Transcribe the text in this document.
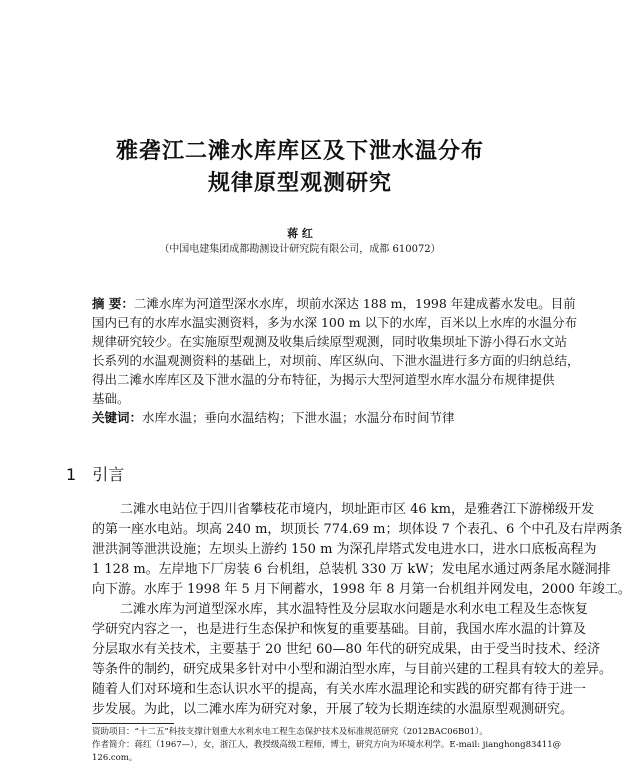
雅砻江二滩水库库区及下泄水温分布
规律原型观测研究
蒋 红
（中国电建集团成都勘测设计研究院有限公司，成都 610072）
摘 要：二滩水库为河道型深水水库，坝前水深达 188 m，1998 年建成蓄水发电。目前
国内已有的水库水温实测资料，多为水深 100 m 以下的水库，百米以上水库的水温分布
规律研究较少。在实施原型观测及收集后续原型观测，同时收集坝址下游小得石水文站
长系列的水温观测资料的基础上，对坝前、库区纵向、下泄水温进行多方面的归纳总结，
得出二滩水库库区及下泄水温的分布特征，为揭示大型河道型水库水温分布规律提供
基础。
关键词：水库水温；垂向水温结构；下泄水温；水温分布时间节律
1 引言
二滩水电站位于四川省攀枝花市境内，坝址距市区 46 km，是雅砻江下游梯级开发
的第一座水电站。坝高 240 m，坝顶长 774.69 m；坝体设 7 个表孔、6 个中孔及右岸两条
泄洪洞等泄洪设施；左坝头上游约 150 m 为深孔岸塔式发电进水口，进水口底板高程为
1 128 m。左岸地下厂房装 6 台机组，总装机 330 万 kW；发电尾水通过两条尾水隧洞排
向下游。水库于 1998 年 5 月下闸蓄水，1998 年 8 月第一台机组并网发电，2000 年竣工。
二滩水库为河道型深水库，其水温特性及分层取水问题是水利水电工程及生态恢复
学研究内容之一，也是进行生态保护和恢复的重要基础。目前，我国水库水温的计算及
分层取水有关技术，主要基于 20 世纪 60—80 年代的研究成果，由于受当时技术、经济
等条件的制约，研究成果多针对中小型和湖泊型水库，与目前兴建的工程具有较大的差异。
随着人们对环境和生态认识水平的提高，有关水库水温理论和实践的研究都有待于进一
步发展。为此，以二滩水库为研究对象，开展了较为长期连续的水温原型观测研究。
资助项目：“十二五”科技支撑计划重大水利水电工程生态保护技术及标准规范研究（2012BAC06B01）。
作者简介：蒋红（1967—），女，浙江人，教授级高级工程师，博士，研究方向为环境水利学。E-mail: jianghong83411@
126.com。
